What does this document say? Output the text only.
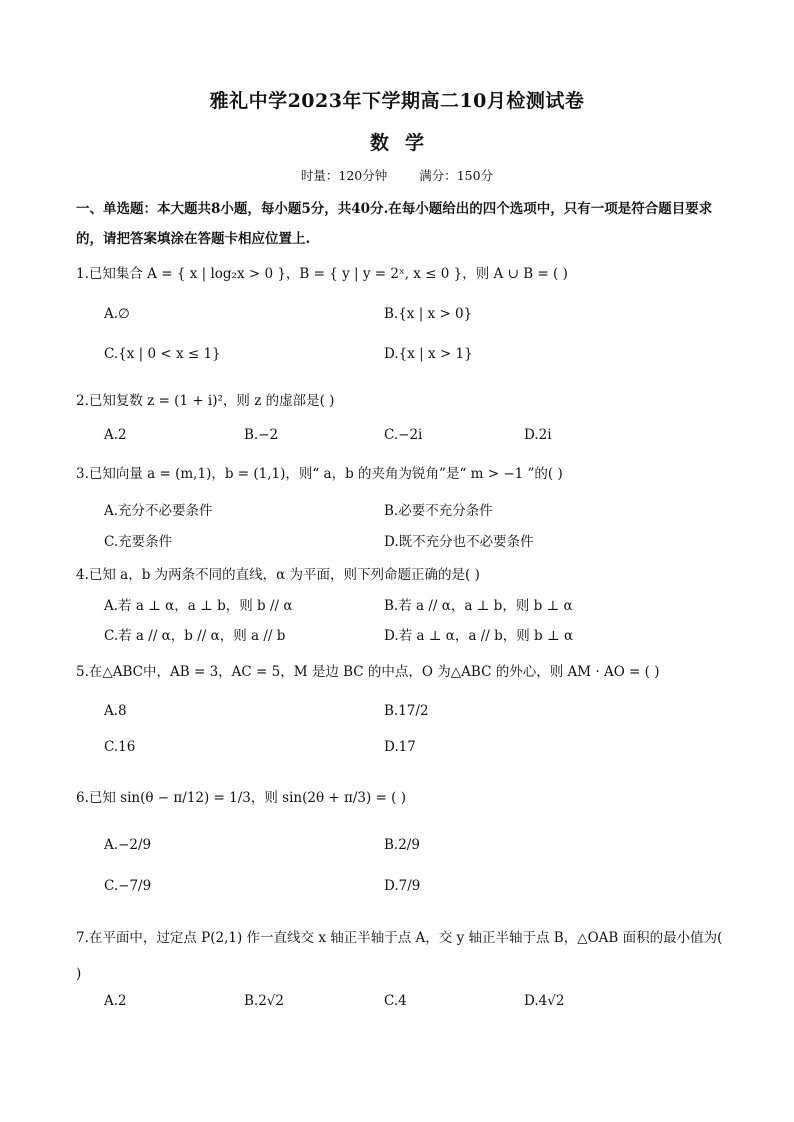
雅礼中学2023年下学期高二10月检测试卷
数学
时量：120分钟	满分：150分
一、单选题：本大题共8小题，每小题5分，共40分.在每小题给出的四个选项中，只有一项是符合题目要求的，请把答案填涂在答题卡相应位置上.
1.已知集合 A = { x | log₂x > 0 }，B = { y | y = 2ˣ, x ≤ 0 }，则 A ∪ B = ( )
A.∅	B.{x | x > 0}
C.{x | 0 < x ≤ 1}	D.{x | x > 1}
2.已知复数 z = (1 + i)²，则 z 的虚部是( )
A.2	B.−2	C.−2i	D.2i
3.已知向量 a = (m,1)，b = (1,1)，则“ a，b 的夹角为锐角”是“ m > −1 ”的( )
A.充分不必要条件	B.必要不充分条件
C.充要条件	D.既不充分也不必要条件
4.已知 a，b 为两条不同的直线，α 为平面，则下列命题正确的是( )
A.若 a ⊥ α，a ⊥ b，则 b // α	B.若 a // α，a ⊥ b，则 b ⊥ α
C.若 a // α，b // α，则 a // b	D.若 a ⊥ α，a // b，则 b ⊥ α
5.在△ABC中，AB = 3，AC = 5，M 是边 BC 的中点，O 为△ABC 的外心，则 AM · AO = ( )
A.8	B.17/2
C.16	D.17
6.已知 sin(θ − π/12) = 1/3，则 sin(2θ + π/3) = ( )
A.−2/9	B.2/9
C.−7/9	D.7/9
7.在平面中，过定点 P(2,1) 作一直线交 x 轴正半轴于点 A，交 y 轴正半轴于点 B，△OAB 面积的最小值为( )
A.2	B.2√2	C.4	D.4√2
